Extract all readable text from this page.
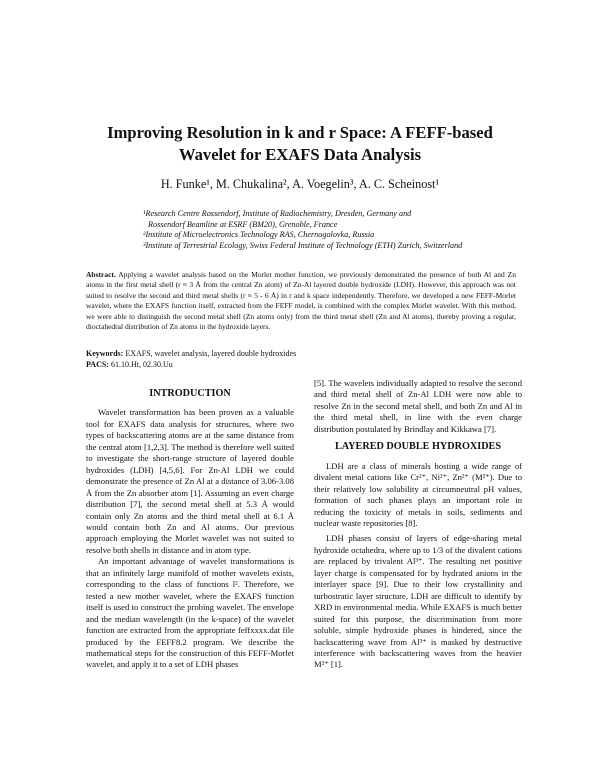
Improving Resolution in k and r Space: A FEFF-based
Wavelet for EXAFS Data Analysis
H. Funke¹, M. Chukalina², A. Voegelin³, A. C. Scheinost¹

¹Research Centre Rossendorf, Institute of Radiochemistry, Dresden, Germany and

Rossendorf Beamline at ESRF (BM20), Grenoble, France

²Institute of Microelectronics Technology RAS, Chernogolovka, Russia

³Institute of Terrestrial Ecology, Swiss Federal Institute of Technology (ETH) Zurich, Switzerland

Abstract. Applying a wavelet analysis based on the Morlet mother function, we previously demonstrated the presence of both Al and Zn atoms in the first metal shell (r ≈ 3 Å from the central Zn atom) of Zn-Al layered double hydroxide (LDH). However, this approach was not suited to resolve the second and third metal shells (r ≈ 5 - 6 Å) in r and k space independently. Therefore, we developed a new FEFF-Morlet wavelet, where the EXAFS function itself, extracted from the FEFF model, is combined with the complex Morlet wavelet. With this method, we were able to distinguish the second metal shell (Zn atoms only) from the third metal shell (Zn and Al atoms), thereby proving a regular, dioctahedral distribution of Zn atoms in the hydroxide layers.

Keywords: EXAFS, wavelet analysis, layered double hydroxides

PACS: 61.10.Ht, 02.30.Uu

INTRODUCTION

Wavelet transformation has been proven as a valuable tool for EXAFS data analysis for structures, where two types of backscattering atoms are at the same distance from the central atom [1,2,3]. The method is therefore well suited to investigate the short-range structure of layered double hydroxides (LDH) [4,5,6]. For Zn-Al LDH we could demonstrate the presence of Zn Al at a distance of 3.06-3.08 Å from the Zn absorber atom [1]. Assuming an even charge distribution [7], the second metal shell at 5.3 Å would contain only Zn atoms and the third metal shell at 6.1 Å would contain both Zn and Al atoms. Our previous approach employing the Morlet wavelet was not suited to resolve both shells in distance and in atom type.

An important advantage of wavelet transformations is that an infinitely large manifold of mother wavelets exists, corresponding to the class of functions l². Therefore, we tested a new mother wavelet, where the EXAFS function itself is used to construct the probing wavelet. The envelope and the median wavelength (in the k-space) of the wavelet function are extracted from the appropriate feffxxxx.dat file produced by the FEFF8.2 program. We describe the mathematical steps for the construction of this FEFF-Morlet wavelet, and apply it to a set of LDH phases

[5]. The wavelets individually adapted to resolve the second and third metal shell of Zn-Al LDH were now able to resolve Zn in the second metal shell, and both Zn and Al in the third metal shell, in line with the even charge distribution postulated by Brindlay and Kikkawa [7].

LAYERED DOUBLE HYDROXIDES

LDH are a class of minerals hosting a wide range of divalent metal cations like Cr²⁺, Ni²⁺, Zn²⁺ (M²⁺). Due to their relatively low solubility at circumneutral pH values, formation of such phases plays an important role in reducing the toxicity of metals in soils, sediments and nuclear waste repositories [8].

LDH phases consist of layers of edge-sharing metal hydroxide octahedra, where up to 1/3 of the divalent cations are replaced by trivalent Al³⁺. The resulting net positive layer charge is compensated for by hydrated anions in the interlayer space [9]. Due to their low crystallinity and turbostratic layer structure, LDH are difficult to identify by XRD in environmental media. While EXAFS is much better suited for this purpose, the discrimination from more soluble, simple hydroxide phases is hindered, since the backscattering wave from Al³⁺ is masked by destructive interference with backscattering waves from the heavier M²⁺ [1].
